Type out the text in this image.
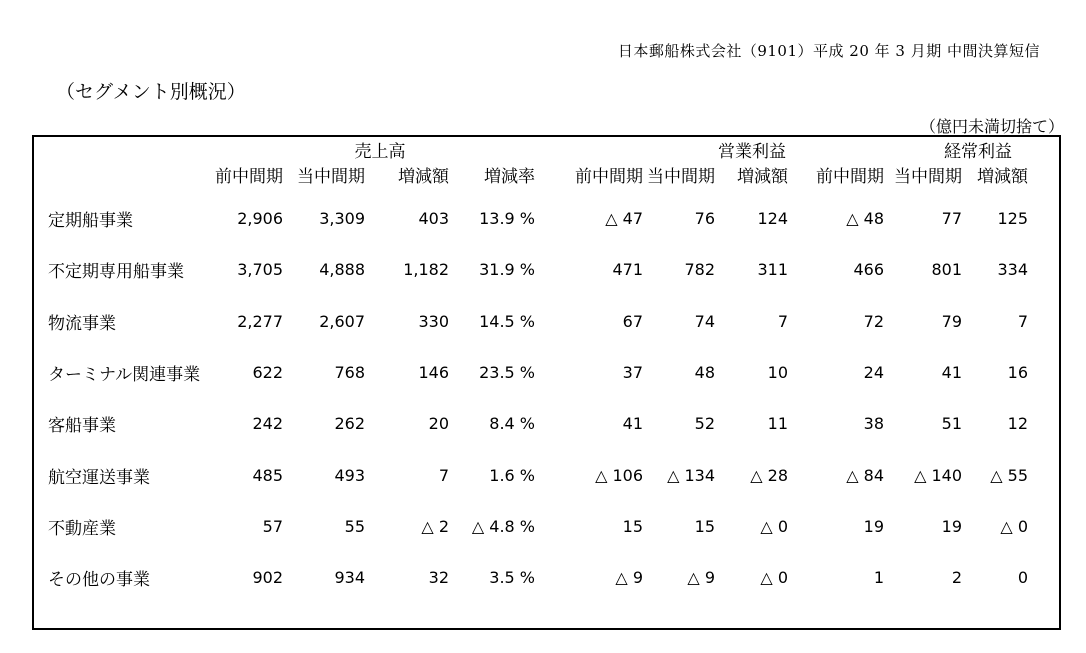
日本郵船株式会社（9101）平成 20 年 3 月期 中間決算短信
（セグメント別概況）
（億円未満切捨て）
	売上高				営業利益			経常利益			
	前中間期	当中間期	増減額	増減率	前中間期	当中間期	増減額	前中間期	当中間期	増減額	
定期船事業	2,906	3,309	403	13.9 %	△ 47	76	124	△ 48	77	125	
不定期専用船事業	3,705	4,888	1,182	31.9 %	471	782	311	466	801	334	
物流事業	2,277	2,607	330	14.5 %	67	74	7	72	79	7	
ターミナル関連事業	622	768	146	23.5 %	37	48	10	24	41	16	
客船事業	242	262	20	8.4 %	41	52	11	38	51	12	
航空運送事業	485	493	7	1.6 %	△ 106	△ 134	△ 28	△ 84	△ 140	△ 55	
不動産業	57	55	△ 2	△ 4.8 %	15	15	△ 0	19	19	△ 0	
その他の事業	902	934	32	3.5 %	△ 9	△ 9	△ 0	1	2	0	
